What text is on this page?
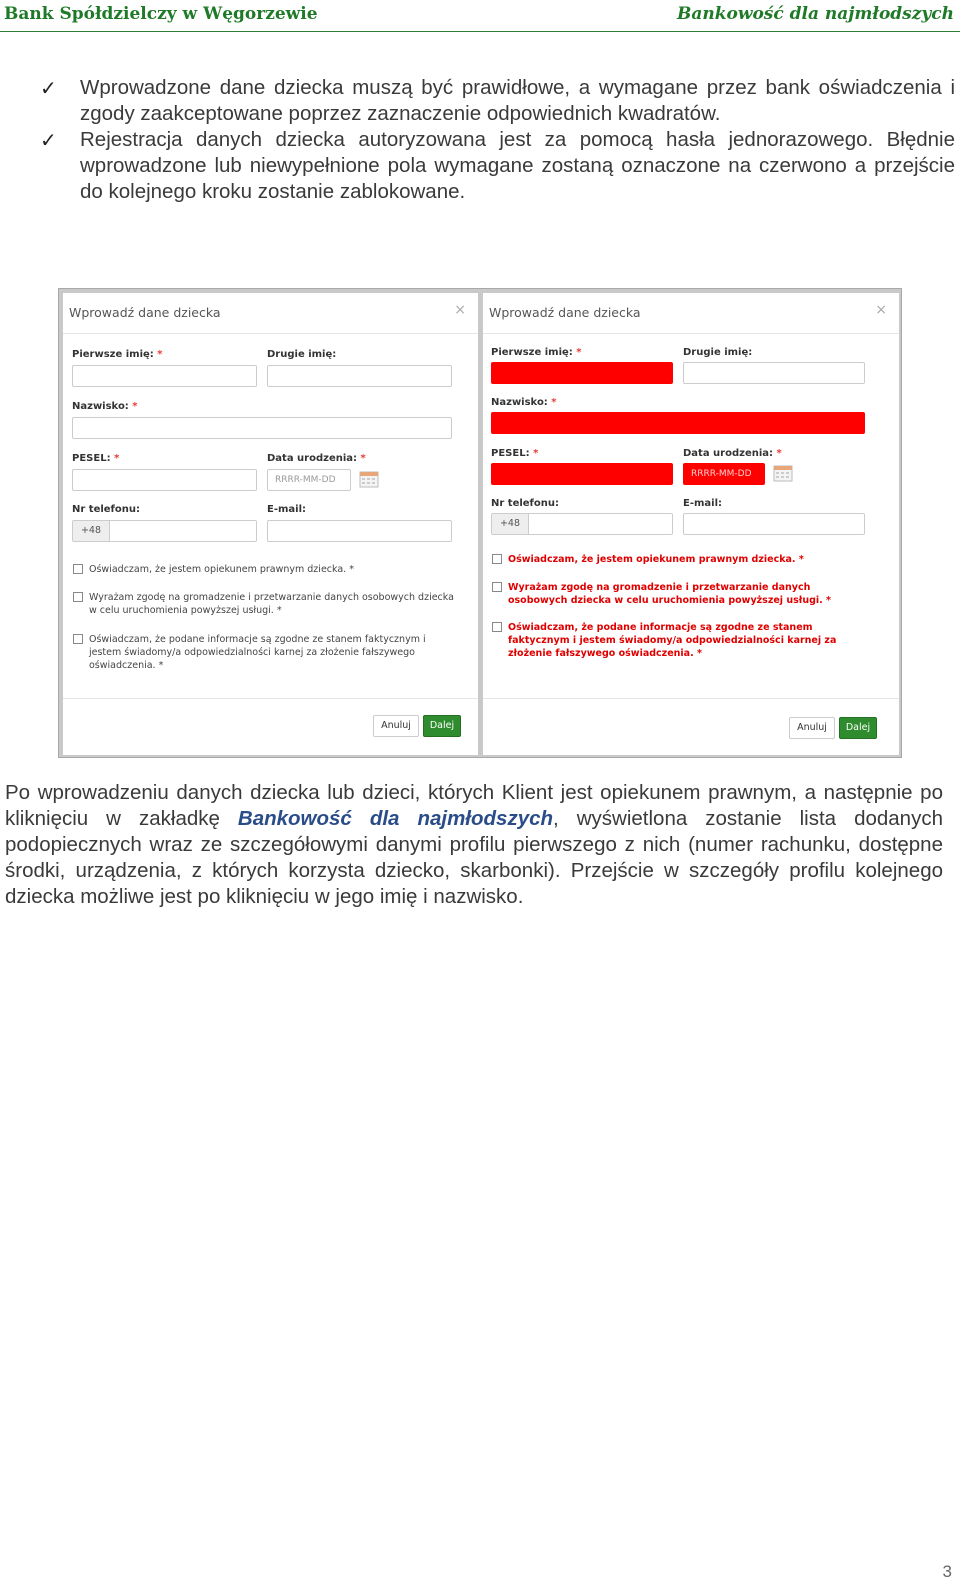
Bank Spółdzielczy w Węgorzewie	Bankowość dla najmłodszych
✓	Wprowadzone dane dziecka muszą być prawidłowe, a wymagane przez bank oświadczenia i zgody zaakceptowane poprzez zaznaczenie odpowiednich kwadratów.

✓	Rejestracja danych dziecka autoryzowana jest za pomocą hasła jednorazowego. Błędnie wprowadzone lub niewypełnione pola wymagane zostaną oznaczone na czerwono a przejście do kolejnego kroku zostanie zablokowane.

Wprowadź dane dziecka	×
Pierwsze imię: *	Drugie imię:
Nazwisko: *
PESEL: *	Data urodzenia: *
RRRR-MM-DD
Nr telefonu:
+48
E-mail:
Oświadczam, że jestem opiekunem prawnym dziecka. *
Wyrażam zgodę na gromadzenie i przetwarzanie danych osobowych dziecka w celu uruchomienia powyższej usługi. *
Oświadczam, że podane informacje są zgodne ze stanem faktycznym i jestem świadomy/a odpowiedzialności karnej za złożenie fałszywego oświadczenia. *
Anuluj	Dalej
Wprowadź dane dziecka	×
Pierwsze imię: *	Drugie imię:
Nazwisko: *
PESEL: *	Data urodzenia: *
RRRR-MM-DD
Nr telefonu:
+48
E-mail:
Oświadczam, że jestem opiekunem prawnym dziecka. *
Wyrażam zgodę na gromadzenie i przetwarzanie danych osobowych dziecka w celu uruchomienia powyższej usługi. *
Oświadczam, że podane informacje są zgodne ze stanem faktycznym i jestem świadomy/a odpowiedzialności karnej za złożenie fałszywego oświadczenia. *
Anuluj	Dalej

Po wprowadzeniu danych dziecka lub dzieci, których Klient jest opiekunem prawnym, a następnie po kliknięciu w zakładkę Bankowość dla najmłodszych, wyświetlona zostanie lista dodanych podopiecznych wraz ze szczegółowymi danymi profilu pierwszego z nich (numer rachunku, dostępne środki, urządzenia, z których korzysta dziecko, skarbonki). Przejście w szczegóły profilu kolejnego dziecka możliwe jest po kliknięciu w jego imię i nazwisko.

3
